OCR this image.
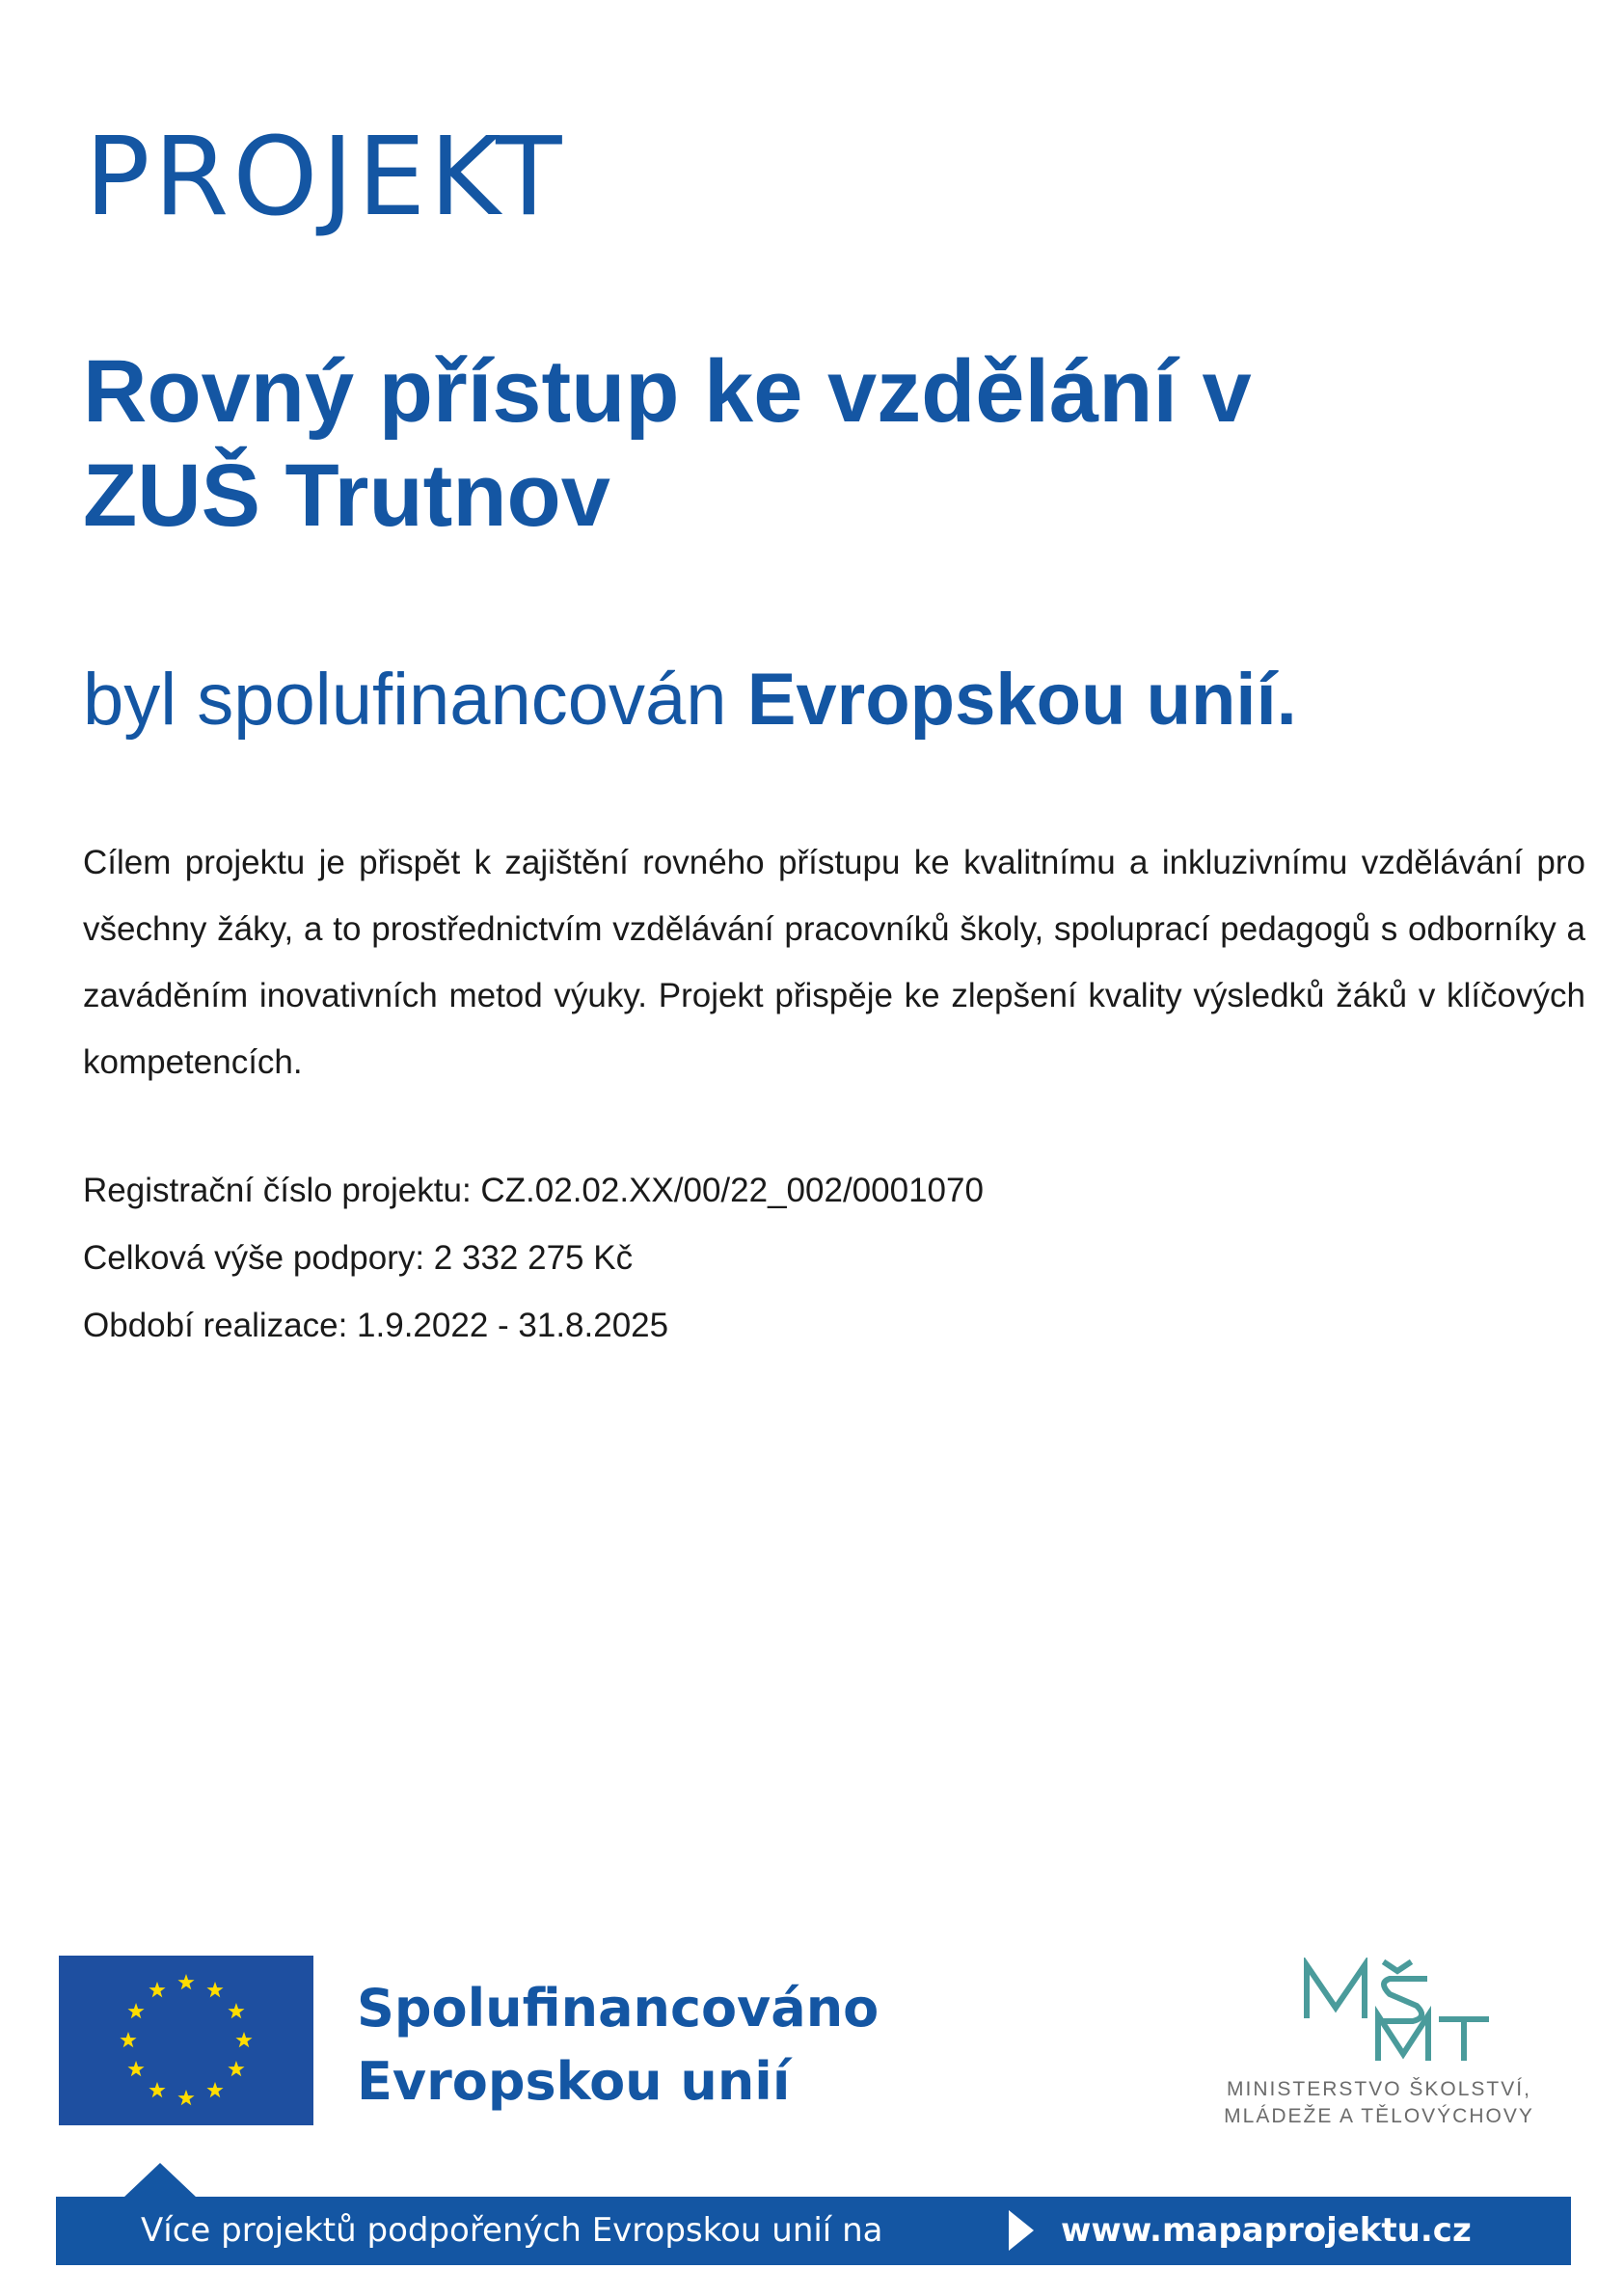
PROJEKT
Rovný přístup ke vzdělání v
ZUŠ Trutnov
byl spolufinancován Evropskou unií.
Cílem projektu je přispět k zajištění rovného přístupu ke kvalitnímu a inkluzivnímu vzdělávání pro všechny žáky, a to prostřednictvím vzdělávání pracovníků školy, spoluprací pedagogů s odborníky a zaváděním inovativních metod výuky. Projekt přispěje ke zlepšení kvality výsledků žáků v klíčových kompetencích.
Registrační číslo projektu: CZ.02.02.XX/00/22_002/0001070
Celková výše podpory: 2 332 275 Kč
Období realizace: 1.9.2022 - 31.8.2025
Spolufinancováno
Evropskou unií	MINISTERSTVO ŠKOLSTVÍ,
MLÁDEŽE A TĚLOVÝCHOVY
Více projektů podpořených Evropskou unií na	www.mapaprojektu.cz
